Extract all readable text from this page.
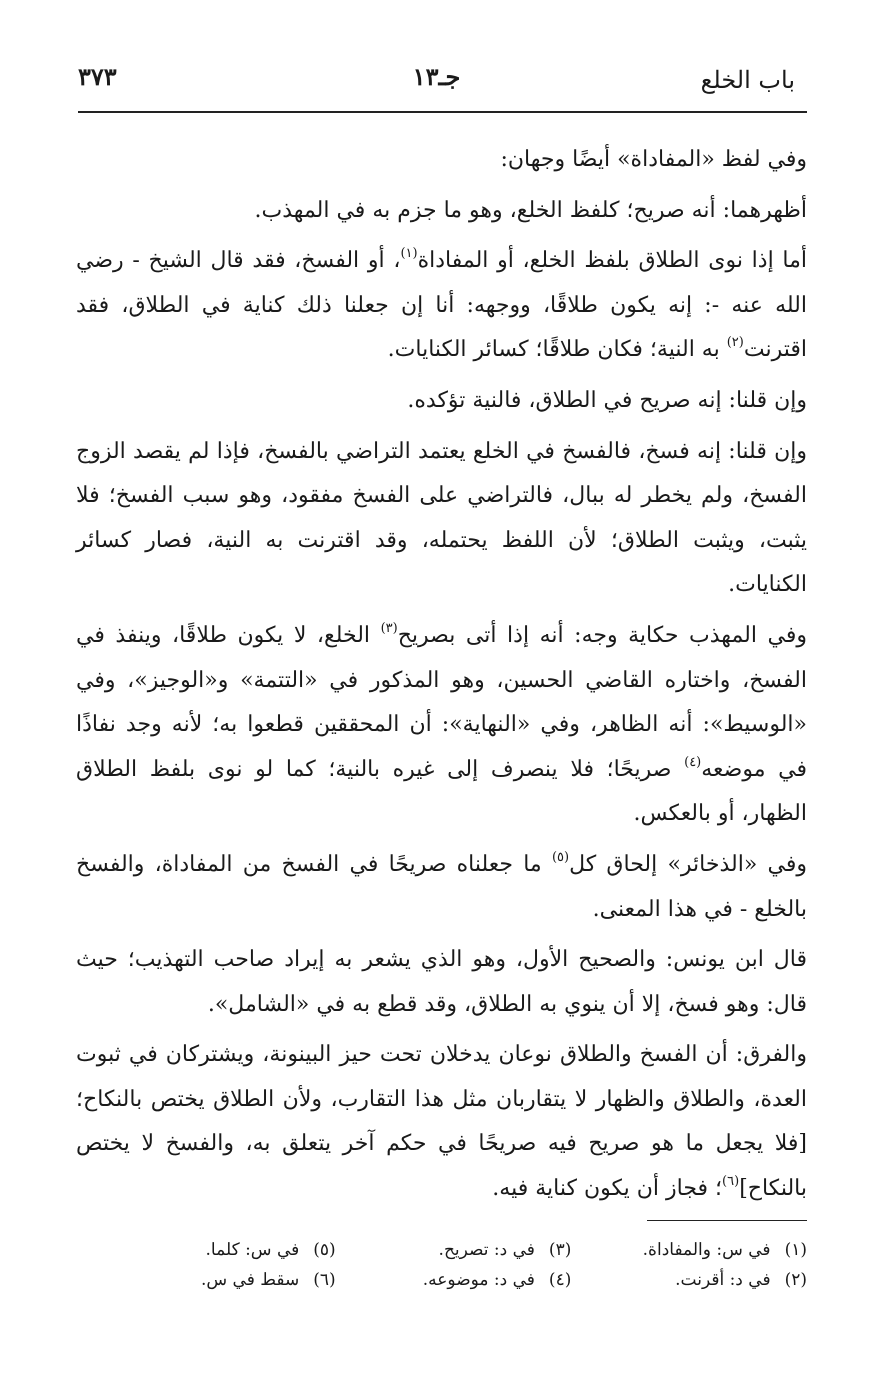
باب الخلع
جـ١٣
٣٧٣

وفي لفظ «المفاداة» أيضًا وجهان:

أظهرهما: أنه صريح؛ كلفظ الخلع، وهو ما جزم به في المهذب.

أما إذا نوى الطلاق بلفظ الخلع، أو المفاداة$^{(١)}$، أو الفسخ، فقد قال الشيخ - رضي الله عنه -: إنه يكون طلاقًا، ووجهه: أنا إن جعلنا ذلك كناية في الطلاق، فقد اقترنت$^{(٢)}$ به النية؛ فكان طلاقًا؛ كسائر الكنايات.

وإن قلنا: إنه صريح في الطلاق، فالنية تؤكده.

وإن قلنا: إنه فسخ، فالفسخ في الخلع يعتمد التراضي بالفسخ، فإذا لم يقصد الزوج الفسخ، ولم يخطر له ببال، فالتراضي على الفسخ مفقود، وهو سبب الفسخ؛ فلا يثبت، ويثبت الطلاق؛ لأن اللفظ يحتمله، وقد اقترنت به النية، فصار كسائر الكنايات.

وفي المهذب حكاية وجه: أنه إذا أتى بصريح$^{(٣)}$ الخلع، لا يكون طلاقًا، وينفذ في الفسخ، واختاره القاضي الحسين، وهو المذكور في «التتمة» و«الوجيز»، وفي «الوسيط»: أنه الظاهر، وفي «النهاية»: أن المحققين قطعوا به؛ لأنه وجد نفاذًا في موضعه$^{(٤)}$ صريحًا؛ فلا ينصرف إلى غيره بالنية؛ كما لو نوى بلفظ الطلاق الظهار، أو بالعكس.

وفي «الذخائر» إلحاق كل$^{(٥)}$ ما جعلناه صريحًا في الفسخ من المفاداة، والفسخ بالخلع - في هذا المعنى.

قال ابن يونس: والصحيح الأول، وهو الذي يشعر به إيراد صاحب التهذيب؛ حيث قال: وهو فسخ، إلا أن ينوي به الطلاق، وقد قطع به في «الشامل».

والفرق: أن الفسخ والطلاق نوعان يدخلان تحت حيز البينونة، ويشتركان في ثبوت العدة، والطلاق والظهار لا يتقاربان مثل هذا التقارب، ولأن الطلاق يختص بالنكاح؛ [فلا يجعل ما هو صريح فيه صريحًا في حكم آخر يتعلق به، والفسخ لا يختص بالنكاح]$^{(٦)}$؛ فجاز أن يكون كناية فيه.

(١)في س: والمفاداة.
(٣)في د: تصريح.
(٥)في س: كلما.
(٢)في د: أقرنت.
(٤)في د: موضوعه.
(٦)سقط في س.
